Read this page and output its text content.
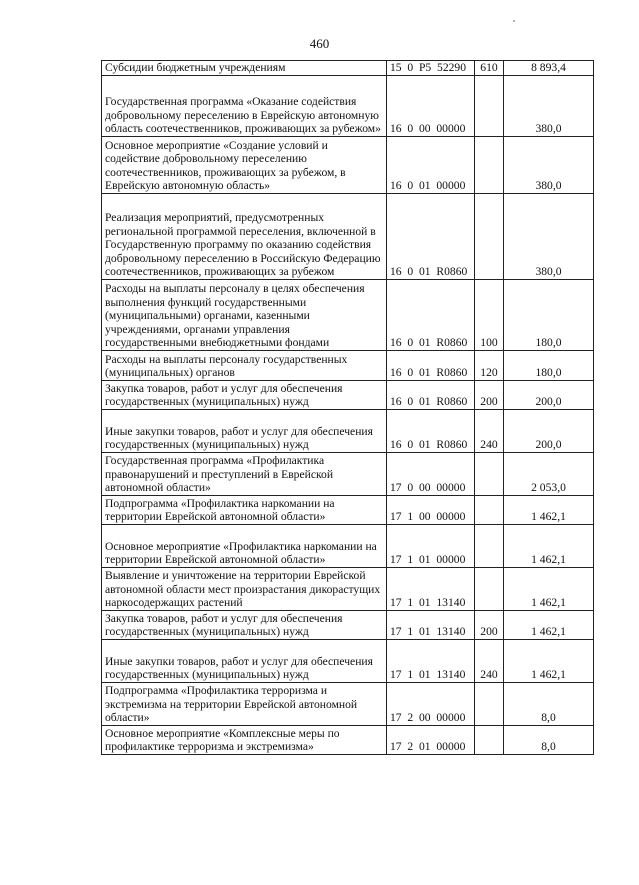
460
Субсидии бюджетным учреждениям	15  0  P5  52290	610	8 893,4
Государственная программа «Оказание содействия добровольному переселению в Еврейскую автономную область соотечественников, проживающих за рубежом»	16  0  00  00000		380,0
Основное мероприятие «Создание условий и содействие добровольному переселению соотечественников, проживающих за рубежом, в Еврейскую автономную область»	16  0  01  00000		380,0
Реализация мероприятий, предусмотренных региональной программой переселения, включенной в Государственную программу по оказанию содействия добровольному переселению в Российскую Федерацию соотечественников, проживающих за рубежом	16  0  01  R0860		380,0
Расходы на выплаты персоналу в целях обеспечения выполнения функций государственными (муниципальными) органами, казенными учреждениями, органами управления государственными внебюджетными фондами	16  0  01  R0860	100	180,0
Расходы на выплаты персоналу государственных (муниципальных) органов	16  0  01  R0860	120	180,0
Закупка товаров, работ и услуг для обеспечения государственных (муниципальных) нужд	16  0  01  R0860	200	200,0
Иные закупки товаров, работ и услуг для обеспечения государственных (муниципальных) нужд	16  0  01  R0860	240	200,0
Государственная программа «Профилактика правонарушений и преступлений в Еврейской автономной области»	17  0  00  00000		2 053,0
Подпрограмма «Профилактика наркомании на территории Еврейской автономной области»	17  1  00  00000		1 462,1
Основное мероприятие «Профилактика наркомании на территории Еврейской автономной области»	17  1  01  00000		1 462,1
Выявление и уничтожение на территории Еврейской автономной области мест произрастания дикорастущих наркосодержащих растений	17  1  01  13140		1 462,1
Закупка товаров, работ и услуг для обеспечения государственных (муниципальных) нужд	17  1  01  13140	200	1 462,1
Иные закупки товаров, работ и услуг для обеспечения государственных (муниципальных) нужд	17  1  01  13140	240	1 462,1
Подпрограмма «Профилактика терроризма и экстремизма на территории Еврейской автономной области»	17  2  00  00000		8,0
Основное мероприятие «Комплексные меры по профилактике терроризма и экстремизма»	17  2  01  00000		8,0
